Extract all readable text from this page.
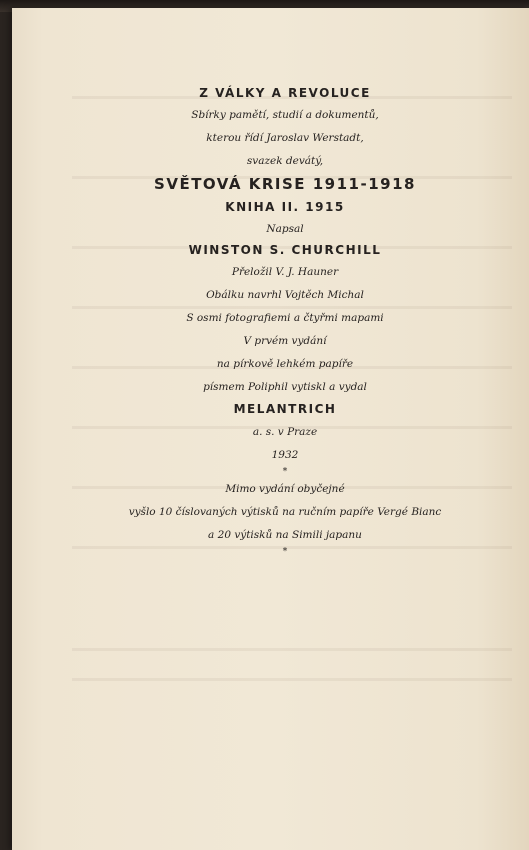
Z VÁLKY A REVOLUCE

Sbírky pamětí, studií a dokumentů,

kterou řídí Jaroslav Werstadt,

svazek devátý,

SVĚTOVÁ KRISE 1911-1918

KNIHA II. 1915

Napsal

WINSTON S. CHURCHILL

Přeložil V. J. Hauner

Obálku navrhl Vojtěch Michal

S osmi fotografiemi a čtyřmi mapami

V prvém vydání

na pírkově lehkém papíře

písmem Poliphil vytiskl a vydal

MELANTRICH

a. s. v Praze

1932

*

Mimo vydání obyčejné

vyšlo 10 číslovaných výtisků na ručním papíře Vergé Bianc

a 20 výtisků na Simili japanu

*
